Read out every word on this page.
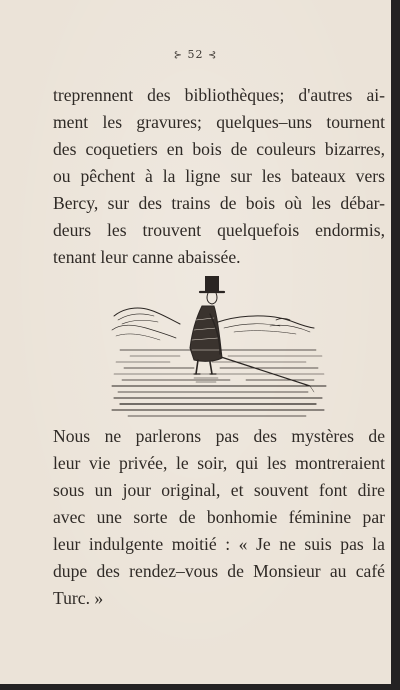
⊱ 52 ⊰
treprennent des bibliothèques; d'autres ai-
ment les gravures; quelques–uns tournent
des coquetiers en bois de couleurs bizarres,
ou pêchent à la ligne sur les bateaux vers
Bercy, sur des trains de bois où les débar-
deurs les trouvent quelquefois endormis,
tenant leur canne abaissée.
Nous ne parlerons pas des mystères de
leur vie privée, le soir, qui les montreraient
sous un jour original, et souvent font dire
avec une sorte de bonhomie féminine par
leur indulgente moitié : « Je ne suis pas la
dupe des rendez–vous de Monsieur au café
Turc. »
